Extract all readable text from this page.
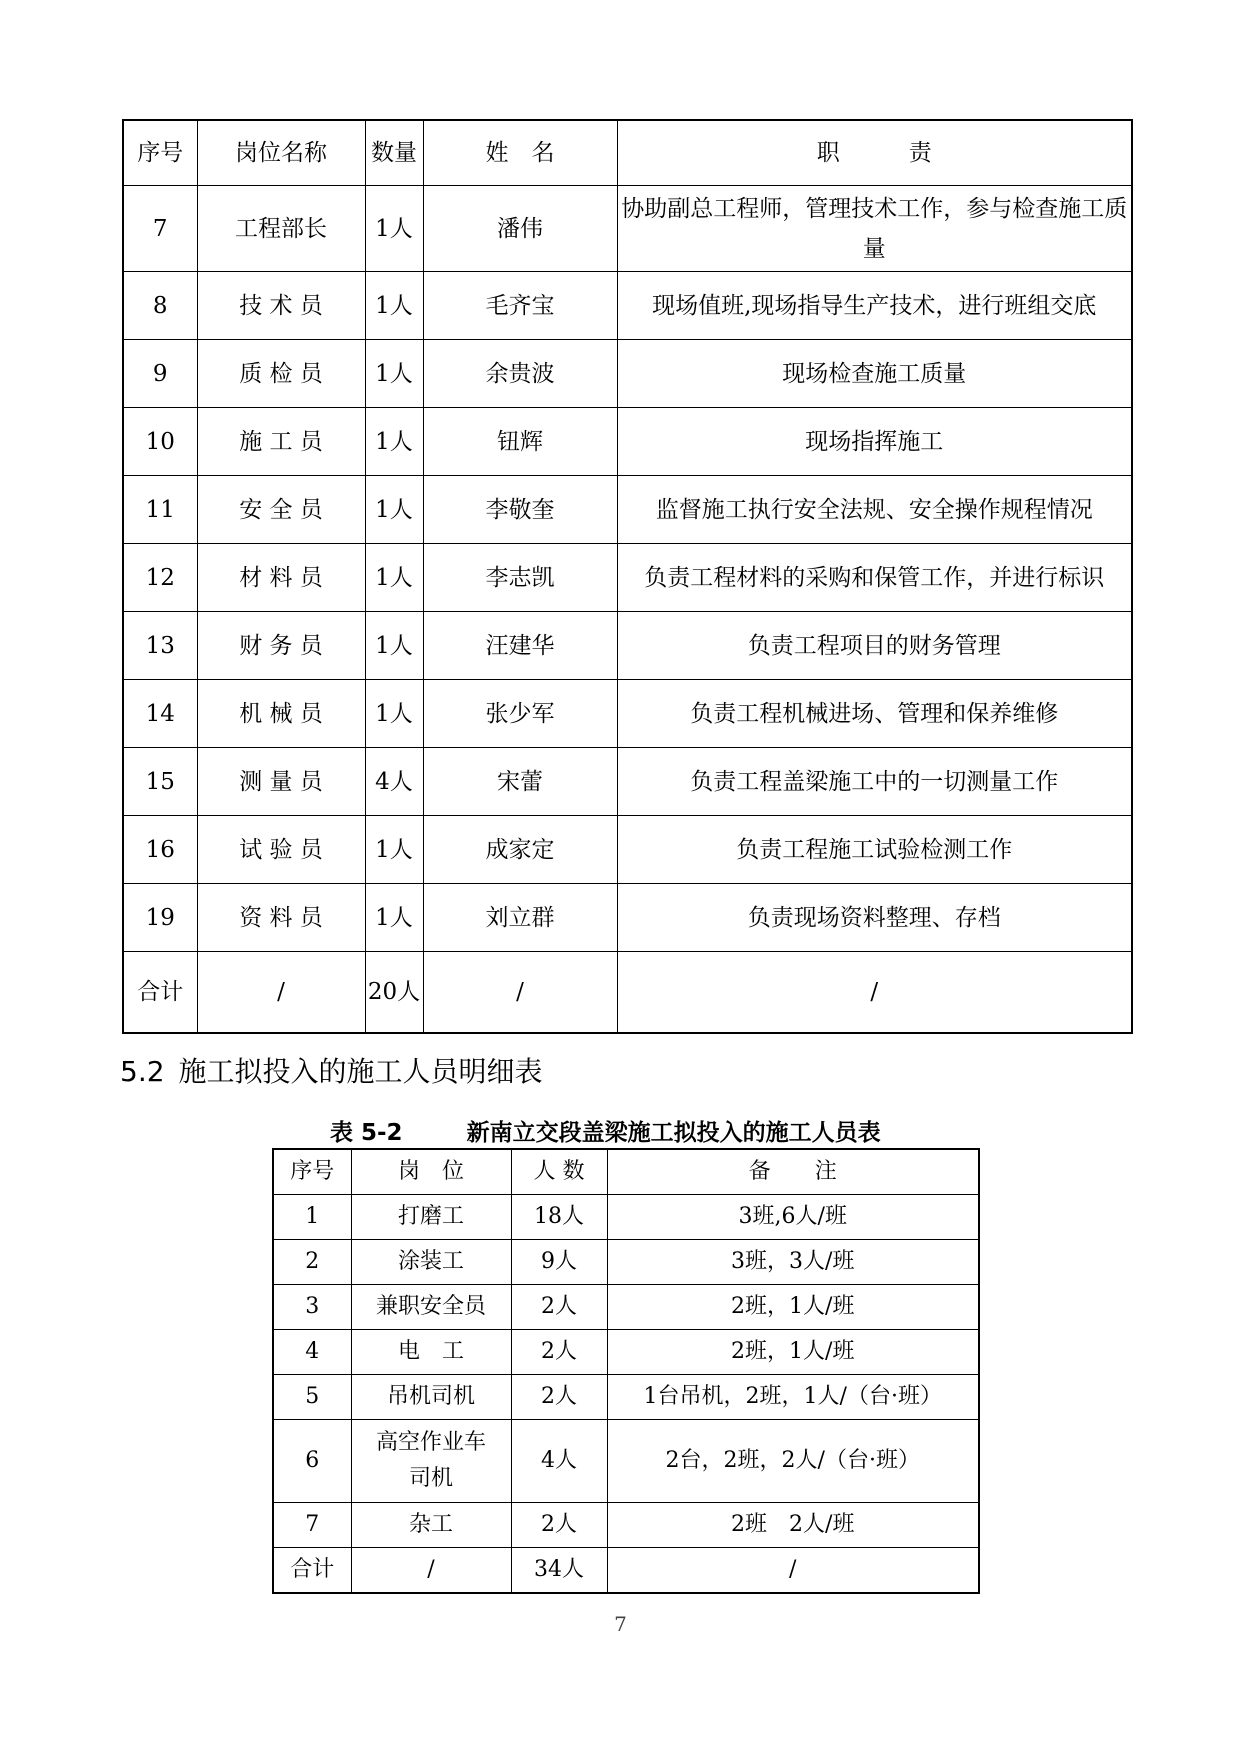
序号	岗位名称	数量	姓　名	职　　　责
7	工程部长	1人	潘伟	协助副总工程师，管理技术工作，参与检查施工质量
8	技 术 员	1人	毛齐宝	现场值班,现场指导生产技术，进行班组交底
9	质 检 员	1人	余贵波	现场检查施工质量
10	施 工 员	1人	钮辉	现场指挥施工
11	安 全 员	1人	李敬奎	监督施工执行安全法规、安全操作规程情况
12	材 料 员	1人	李志凯	负责工程材料的采购和保管工作，并进行标识
13	财 务 员	1人	汪建华	负责工程项目的财务管理
14	机 械 员	1人	张少军	负责工程机械进场、管理和保养维修
15	测 量 员	4人	宋蕾	负责工程盖梁施工中的一切测量工作
16	试 验 员	1人	成家定	负责工程施工试验检测工作
19	资 料 员	1人	刘立群	负责现场资料整理、存档
合计	/	20人	/	/
5.2 施工拟投入的施工人员明细表

表 5-2        新南立交段盖梁施工拟投入的施工人员表

序号	岗　位	人 数	备　　注
1	打磨工	18人	3班,6人/班
2	涂装工	9人	3班，3人/班
3	兼职安全员	2人	2班，1人/班
4	电　工	2人	2班，1人/班
5	吊机司机	2人	1台吊机，2班，1人/（台·班）
6	高空作业车司机	4人	2台，2班，2人/（台·班）
7	杂工	2人	2班　2人/班
合计	/	34人	/
7
